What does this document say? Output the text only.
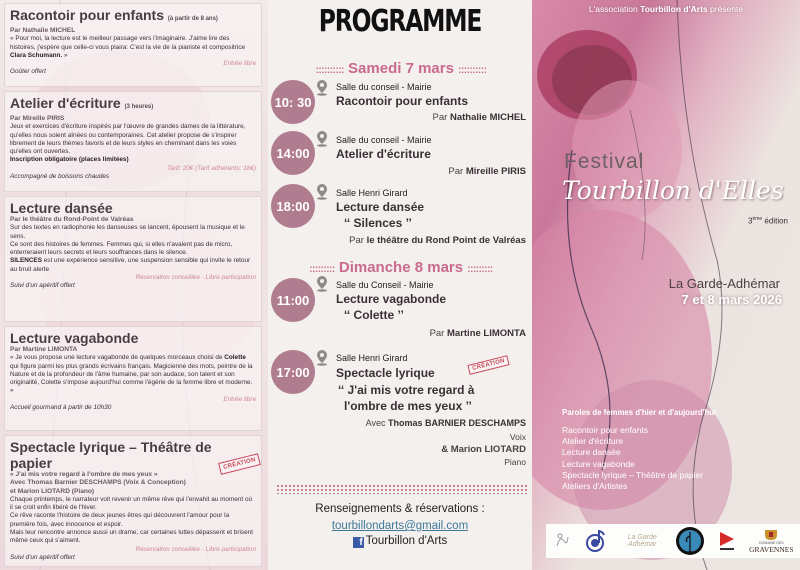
Racontoir pour enfants (à partir de 8 ans)
Par Nathalie MICHEL
« Pour moi, la lecture est le meilleur passage vers l'imaginaire. J'aime lire des histoires, j'espère que celle-ci vous plaira: C'est la vie de la pianiste et compositrice Clara Schumann. »
Entrée libre
Goûter offert
Atelier d'écriture (3 heures)
Par Mireille PIRIS
Jeux et exercices d'écriture inspirés par l'œuvre de grandes dames de la littérature, qu'elles nous soient aînées ou contemporaines. Cet atelier propose de s'inspirer librement de leurs thèmes favoris et de leurs styles en cheminant dans les voies qu'elles ont ouvertes.
Inscription obligatoire (places limitées)
Tarif: 20€ (Tarif adhérents: 18€)
Accompagné de boissons chaudes
Lecture dansée
Par le théâtre du Rond-Point de Valréas
Sur des textes en radiophonie les danseuses se lancent, épousent la musique et le sens.
Ce sont des histoires de femmes. Femmes qui, si elles n'avaient pas de micro, enterreraient leurs secrets et leurs souffrances dans le silence.
SILENCES est une expérience sensitive, une suspension sensible qui invite le retour au bruit alerte
Réservation conseillée - Libre participation
Suivi d'un apéritif offert
Lecture vagabonde
Par Martine LIMONTA
« Je vous propose une lecture vagabonde de quelques morceaux choisi de Colette qui figure parmi les plus grands écrivains français. Magicienne des mots, peintre de la Nature et de la profondeur de l'âme humaine, par son audace, son talent et son originalité, Colette s'impose aujourd'hui comme l'égérie de la femme libre et moderne. »
Entrée libre
Accueil gourmand à partir de 10h30
Spectacle lyrique – Théâtre de papier
« J'ai mis votre regard à l'ombre de mes yeux »
Avec Thomas Barnier DESCHAMPS (Voix & Conception)
et Marion LIOTARD (Piano)
Chaque printemps, le narrateur voit revenir un même rêve qui l'envahit au moment où il se croit enfin libéré de l'hiver.
Ce rêve raconte l'histoire de deux jeunes êtres qui découvrent l'amour pour la première fois, avec innocence et espoir.
Mais leur rencontre annonce aussi un drame, car certaines luttes dépassent et brisent même ceux qui s'aiment.
Réservation conseillée - Libre participation
Suivi d'un apéritif offert
CRÉATION
PROGRAMME
:::::::::: Samedi 7 mars ::::::::::
10: 30
Salle du conseil - Mairie
Racontoir pour enfants
Par Nathalie MICHEL
14:00
Salle du conseil - Mairie
Atelier d'écriture
Par Mireille PIRIS
18:00
Salle Henri Girard
Lecture dansée
‘‘ Silences ’’
Par le théâtre du Rond Point de Valréas
::::::::: Dimanche 8 mars :::::::::
11:00
Salle du Conseil - Mairie
Lecture vagabonde
‘‘ Colette ’’
Par Martine LIMONTA
17:00
Salle Henri Girard
CRÉATION
Spectacle lyrique
‘‘ J'ai mis votre regard à
l'ombre de mes yeux ’’
Avec Thomas BARNIER DESCHAMPS
Voix
& Marion LIOTARD
Piano
Renseignements & réservations :
tourbillondarts@gmail.com
f Tourbillon d'Arts
L'association Tourbillon d'Arts présente
Festival
Tourbillon d'Elles
3ème édition
La Garde-Adhémar
7 et 8 mars 2026
Paroles de femmes d'hier et d'aujourd'hui
Racontoir pour enfants
Atelier d'écriture
Lecture dansée
Lecture vagabonde
Spectacle lyrique – Théâtre de papier
Ateliers d'Artistes
La Garde
Adhémar	DOMAINE DES
GRAVENNES
